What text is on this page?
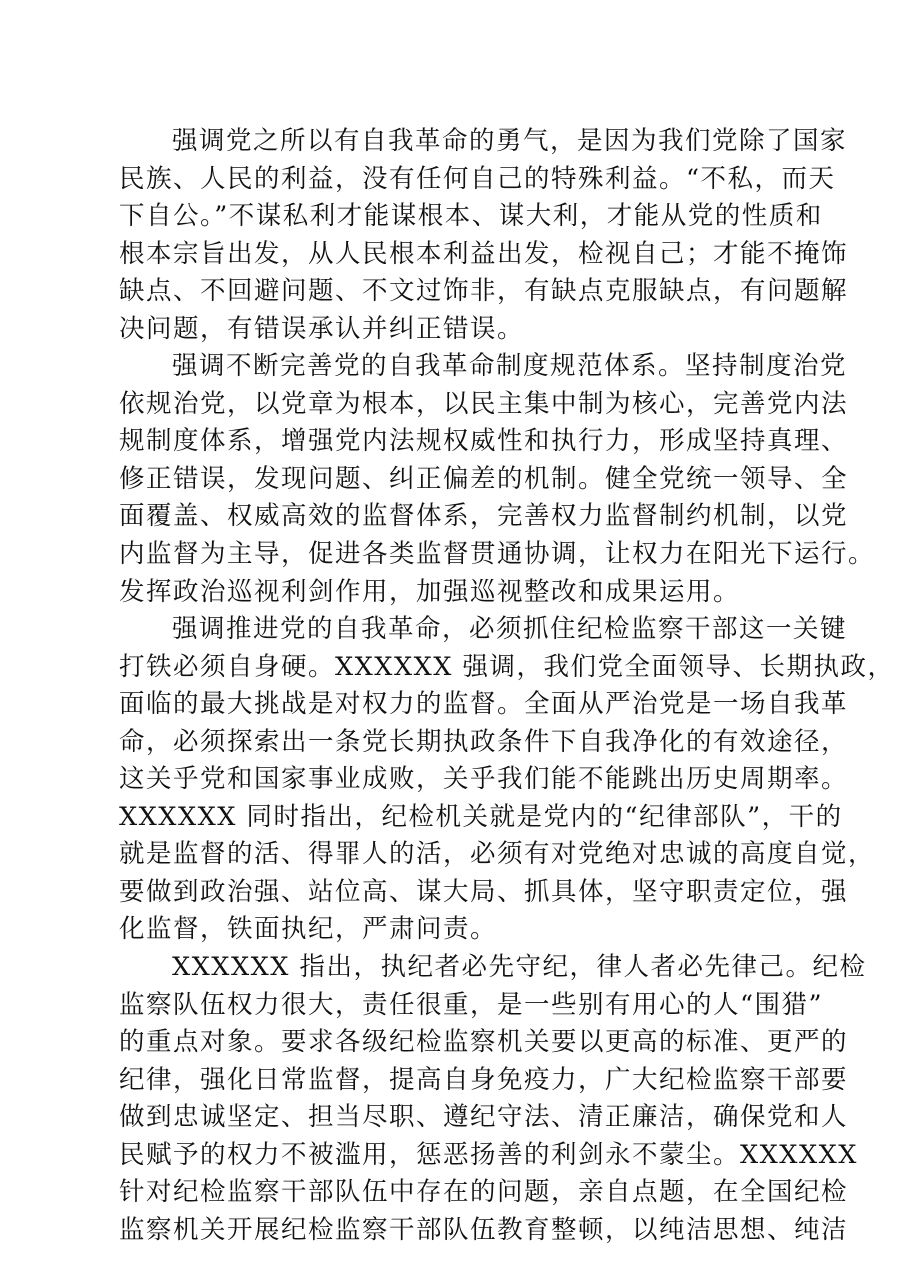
强调党之所以有自我革命的勇气，是因为我们党除了国家
民族、人民的利益，没有任何自己的特殊利益。“不私，而天
下自公。”不谋私利才能谋根本、谋大利，才能从党的性质和
根本宗旨出发，从人民根本利益出发，检视自己；才能不掩饰
缺点、不回避问题、不文过饰非，有缺点克服缺点，有问题解
决问题，有错误承认并纠正错误。
强调不断完善党的自我革命制度规范体系。坚持制度治党
依规治党，以党章为根本，以民主集中制为核心，完善党内法
规制度体系，增强党内法规权威性和执行力，形成坚持真理、
修正错误，发现问题、纠正偏差的机制。健全党统一领导、全
面覆盖、权威高效的监督体系，完善权力监督制约机制，以党
内监督为主导，促进各类监督贯通协调，让权力在阳光下运行。
发挥政治巡视利剑作用，加强巡视整改和成果运用。
强调推进党的自我革命，必须抓住纪检监察干部这一关键
打铁必须自身硬。XXXXXX 强调，我们党全面领导、长期执政，
面临的最大挑战是对权力的监督。全面从严治党是一场自我革
命，必须探索出一条党长期执政条件下自我净化的有效途径，
这关乎党和国家事业成败，关乎我们能不能跳出历史周期率。
XXXXXX 同时指出，纪检机关就是党内的“纪律部队”，干的
就是监督的活、得罪人的活，必须有对党绝对忠诚的高度自觉，
要做到政治强、站位高、谋大局、抓具体，坚守职责定位，强
化监督，铁面执纪，严肃问责。
XXXXXX 指出，执纪者必先守纪，律人者必先律己。纪检
监察队伍权力很大，责任很重，是一些别有用心的人“围猎”
的重点对象。要求各级纪检监察机关要以更高的标准、更严的
纪律，强化日常监督，提高自身免疫力，广大纪检监察干部要
做到忠诚坚定、担当尽职、遵纪守法、清正廉洁，确保党和人
民赋予的权力不被滥用，惩恶扬善的利剑永不蒙尘。XXXXXX
针对纪检监察干部队伍中存在的问题，亲自点题，在全国纪检
监察机关开展纪检监察干部队伍教育整顿，以纯洁思想、纯洁
